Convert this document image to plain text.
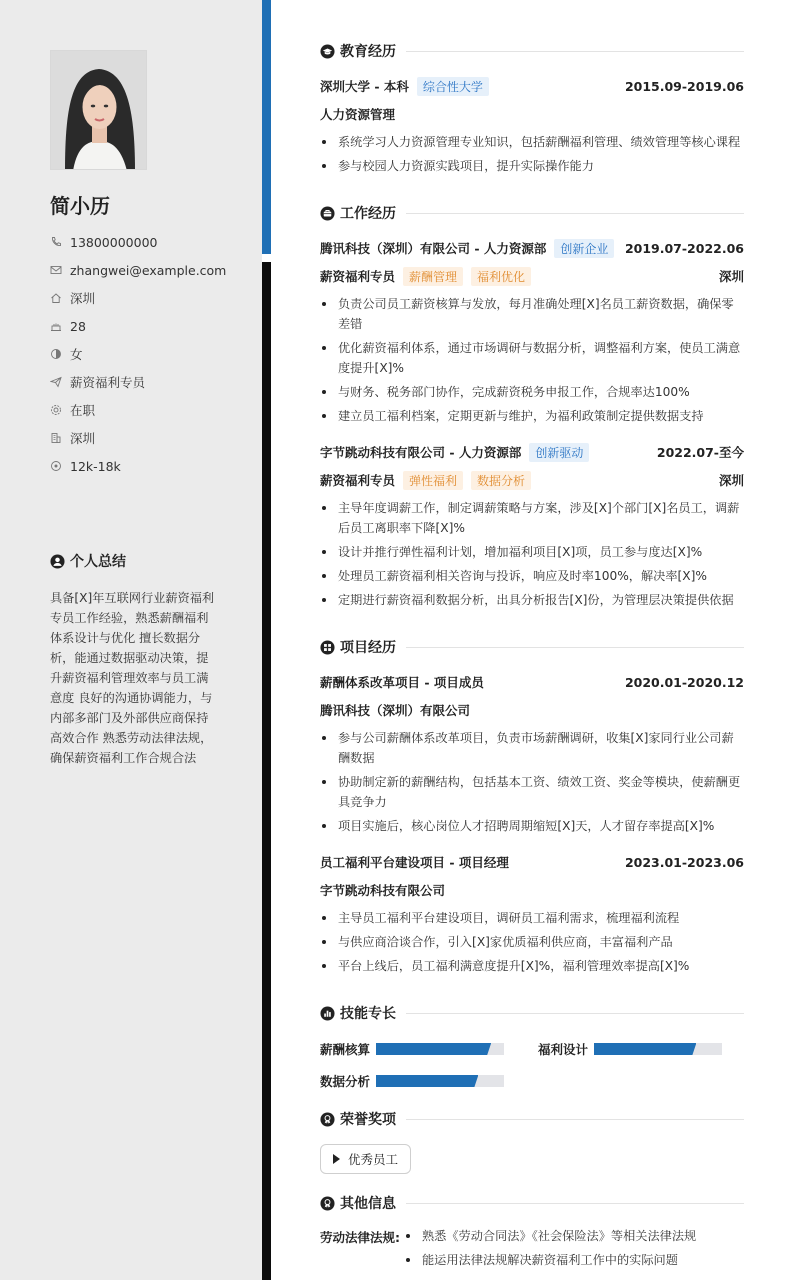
简小历
13800000000
zhangwei@example.com
深圳
28
女
薪资福利专员
在职
深圳
12k-18k
个人总结
具备[X]年互联网行业薪资福利专员工作经验，熟悉薪酬福利体系设计与优化 擅长数据分析，能通过数据驱动决策，提升薪资福利管理效率与员工满意度 良好的沟通协调能力，与内部多部门及外部供应商保持高效合作 熟悉劳动法律法规，确保薪资福利工作合规合法
教育经历
深圳大学 - 本科	综合性大学	2015.09-2019.06
人力资源管理
系统学习人力资源管理专业知识，包括薪酬福利管理、绩效管理等核心课程
参与校园人力资源实践项目，提升实际操作能力
工作经历
腾讯科技（深圳）有限公司 - 人力资源部	创新企业	2019.07-2022.06
薪资福利专员	薪酬管理	福利优化	深圳
负责公司员工薪资核算与发放，每月准确处理[X]名员工薪资数据，确保零差错
优化薪资福利体系，通过市场调研与数据分析，调整福利方案，使员工满意度提升[X]%
与财务、税务部门协作，完成薪资税务申报工作，合规率达100%
建立员工福利档案，定期更新与维护，为福利政策制定提供数据支持
字节跳动科技有限公司 - 人力资源部	创新驱动	2022.07-至今
薪资福利专员	弹性福利	数据分析	深圳
主导年度调薪工作，制定调薪策略与方案，涉及[X]个部门[X]名员工，调薪后员工离职率下降[X]%
设计并推行弹性福利计划，增加福利项目[X]项，员工参与度达[X]%
处理员工薪资福利相关咨询与投诉，响应及时率100%，解决率[X]%
定期进行薪资福利数据分析，出具分析报告[X]份，为管理层决策提供依据
项目经历
薪酬体系改革项目 - 项目成员	2020.01-2020.12
腾讯科技（深圳）有限公司
参与公司薪酬体系改革项目，负责市场薪酬调研，收集[X]家同行业公司薪酬数据
协助制定新的薪酬结构，包括基本工资、绩效工资、奖金等模块，使薪酬更具竞争力
项目实施后，核心岗位人才招聘周期缩短[X]天，人才留存率提高[X]%
员工福利平台建设项目 - 项目经理	2023.01-2023.06
字节跳动科技有限公司
主导员工福利平台建设项目，调研员工福利需求，梳理福利流程
与供应商洽谈合作，引入[X]家优质福利供应商，丰富福利产品
平台上线后，员工福利满意度提升[X]%，福利管理效率提高[X]%
技能专长
薪酬核算	福利设计
数据分析
荣誉奖项
优秀员工
其他信息
劳动法律法规:	熟悉《劳动合同法》《社会保险法》等相关法律法规
能运用法律法规解决薪资福利工作中的实际问题
